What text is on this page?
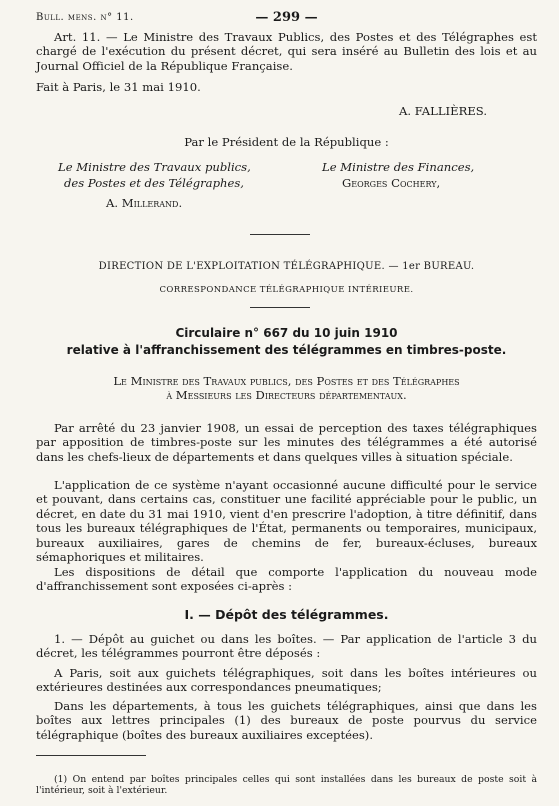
Bull. mens. n° 11.	— 299 —

Art. 11. — Le Ministre des Travaux Publics, des Postes et des Télégraphes est chargé de l'exécution du présent décret, qui sera inséré au Bulletin des lois et au Journal Officiel de la République Française.

Fait à Paris, le 31 mai 1910.

A. FALLIÈRES.

Par le Président de la République :

Le Ministre des Travaux publics,
des Postes et des Télégraphes,
A. Millerand.
Le Ministre des Finances,
Georges Cochery,

DIRECTION DE L'EXPLOITATION TÉLÉGRAPHIQUE. — 1er BUREAU.

CORRESPONDANCE TÉLÉGRAPHIQUE INTÉRIEURE.

Circulaire n° 667 du 10 juin 1910
relative à l'affranchissement des télégrammes en timbres-poste.

Le Ministre des Travaux publics, des Postes et des Télégraphes

à Messieurs les Directeurs départementaux.

Par arrêté du 23 janvier 1908, un essai de perception des taxes télégraphiques par apposition de timbres-poste sur les minutes des télégrammes a été autorisé dans les chefs-lieux de départements et dans quelques villes à situation spéciale.

L'application de ce système n'ayant occasionné aucune difficulté pour le service et pouvant, dans certains cas, constituer une facilité appréciable pour le public, un décret, en date du 31 mai 1910, vient d'en prescrire l'adoption, à titre définitif, dans tous les bureaux télégraphiques de l'État, permanents ou temporaires, municipaux, bureaux auxiliaires, gares de chemins de fer, bureaux-écluses, bureaux sémaphoriques et militaires.

Les dispositions de détail que comporte l'application du nouveau mode d'affranchissement sont exposées ci-après :

I. — Dépôt des télégrammes.

1. — Dépôt au guichet ou dans les boîtes. — Par application de l'article 3 du décret, les télégrammes pourront être déposés :

A Paris, soit aux guichets télégraphiques, soit dans les boîtes intérieures ou extérieures destinées aux correspondances pneumatiques;

Dans les départements, à tous les guichets télégraphiques, ainsi que dans les boîtes aux lettres principales (1) des bureaux de poste pourvus du service télégraphique (boîtes des bureaux auxiliaires exceptées).

(1) On entend par boîtes principales celles qui sont installées dans les bureaux de poste soit à l'intérieur, soit à l'extérieur.
